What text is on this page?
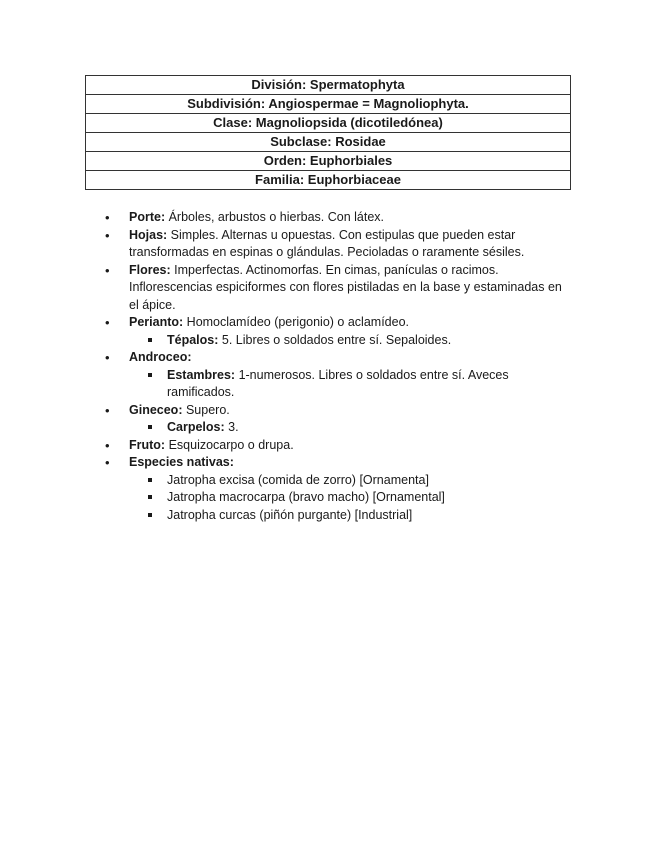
División: Spermatophyta
Subdivisión: Angiospermae = Magnoliophyta.
Clase: Magnoliopsida (dicotiledónea)
Subclase: Rosidae
Orden: Euphorbiales
Familia: Euphorbiaceae
• Porte: Árboles, arbustos o hierbas. Con látex.
• Hojas: Simples. Alternas u opuestas. Con estipulas que pueden estar transformadas en espinas o glándulas. Pecioladas o raramente sésiles.
• Flores: Imperfectas. Actinomorfas. En cimas, panículas o racimos. Inflorescencias espiciformes con flores pistiladas en la base y estaminadas en el ápice.
• Perianto: Homoclamídeo (perigonio) o aclamídeo.
Tépalos: 5. Libres o soldados entre sí. Sepaloides.
• Androceo:
Estambres: 1-numerosos. Libres o soldados entre sí. Aveces ramificados.
• Gineceo: Supero.
Carpelos: 3.
• Fruto: Esquizocarpo o drupa.
• Especies nativas:
Jatropha excisa (comida de zorro) [Ornamenta]
Jatropha macrocarpa (bravo macho) [Ornamental]
Jatropha curcas (piñón purgante) [Industrial]
